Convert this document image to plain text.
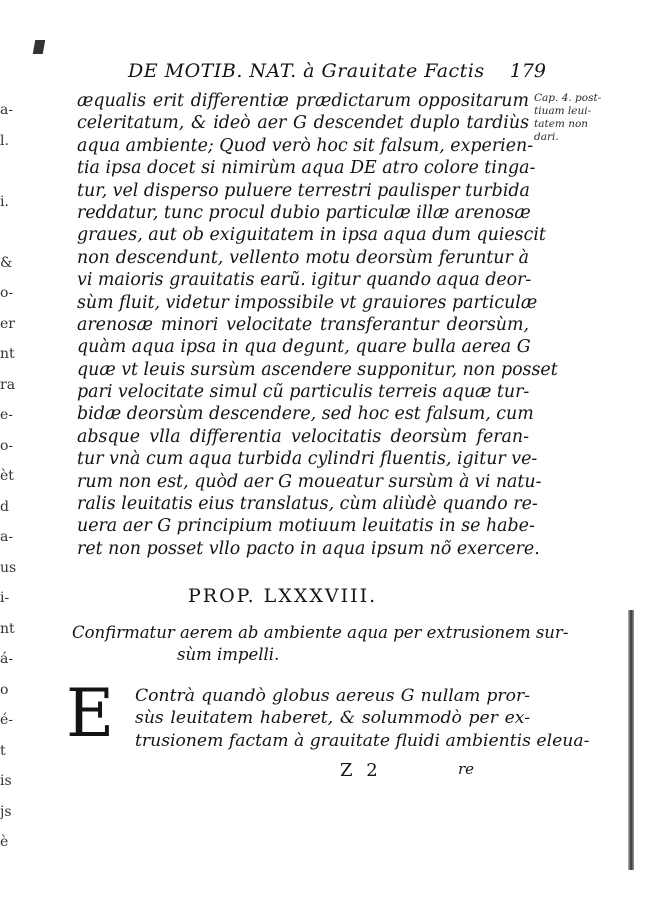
a-
l.

i.

&
o-
er
nt
ra
e-
o-
èt
d
a-
us
i-
nt
á-
o
é-
t
is
js
è
DE MOTIB. NAT. à Grauitate Factis 179
Cap. 4. post-
tiuam leui-
tatem non
dari.
æqualis erit differentiæ prædictarum oppositarum
celeritatum, & ideò aer G descendet duplo tardiùs
aqua ambiente; Quod verò hoc sit falsum, experien-
tia ipsa docet si nimirùm aqua DE atro colore tinga-
tur, vel disperso puluere terrestri paulisper turbida
reddatur, tunc procul dubio particulæ illæ arenosæ
graues, aut ob exiguitatem in ipsa aqua dum quiescit
non descendunt, vellento motu deorsùm feruntur à
vi maioris grauitatis earũ. igitur quando aqua deor-
sùm fluit, videtur impossibile vt grauiores particulæ
arenosæ minori velocitate transferantur deorsùm,
quàm aqua ipsa in qua degunt, quare bulla aerea G
quæ vt leuis sursùm ascendere supponitur, non posset
pari velocitate simul cũ particulis terreis aquæ tur-
bidæ deorsùm descendere, sed hoc est falsum, cum
absque vlla differentia velocitatis deorsùm feran-
tur vnà cum aqua turbida cylindri fluentis, igitur ve-
rum non est, quòd aer G moueatur sursùm à vi natu-
ralis leuitatis eius translatus, cùm aliùdè quando re-
uera aer G principium motiuum leuitatis in se habe-
ret non posset vllo pacto in aqua ipsum nõ exercere.
PROP. LXXXVIII.
Confirmatur aerem ab ambiente aqua per extrusionem sur-
sùm impelli.
E Contrà quandò globus aereus G nullam pror-
sùs leuitatem haberet, & solummodò per ex-
trusionem factam à grauitate fluidi ambientis eleua-
Z 2	re
